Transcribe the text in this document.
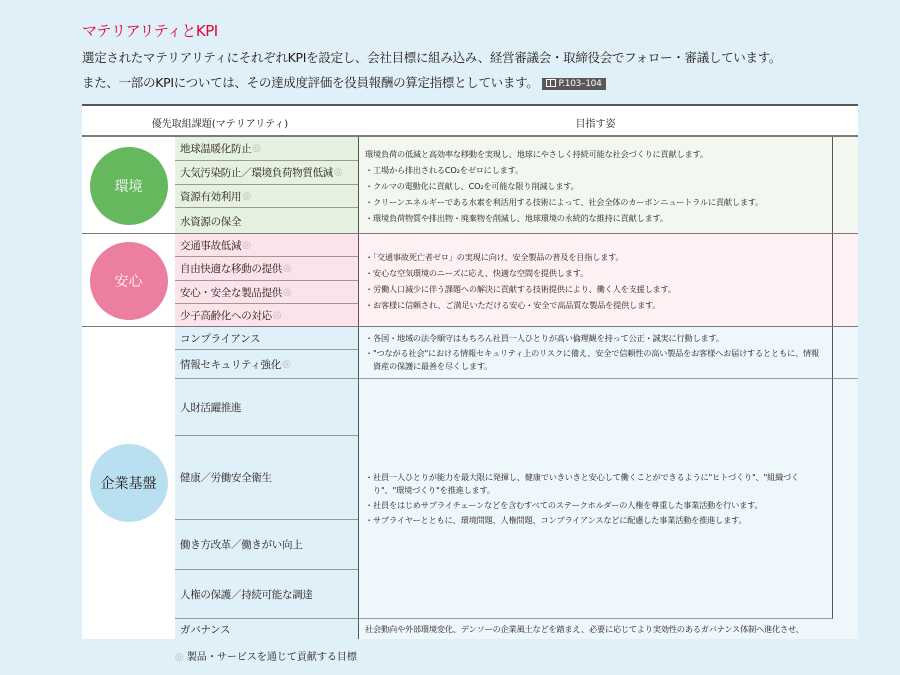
マテリアリティとKPI
選定されたマテリアリティにそれぞれKPIを設定し、会社目標に組み込み、経営審議会・取締役会でフォロー・審議しています。
また、一部のKPIについては、その達成度評価を役員報酬の算定指標としています。 P.103–104
優先取組課題(マテリアリティ)	目指す姿
環境
地球温暖化防止 ◎
大気汚染防止／環境負荷物質低減 ◎
資源有効利用 ◎
水資源の保全

環境負荷の低減と高効率な移動を実現し、地球にやさしく持続可能な社会づくりに貢献します。

・工場から排出されるCO₂をゼロにします。

・クルマの電動化に貢献し、CO₂を可能な限り削減します。

・クリーンエネルギーである水素を利活用する技術によって、社会全体のカーボンニュートラルに貢献します。

・環境負荷物質や排出物・廃棄物を削減し、地球環境の永続的な維持に貢献します。

安心
交通事故低減 ◎
自由快適な移動の提供 ◎
安心・安全な製品提供 ◎
少子高齢化への対応 ◎

・「交通事故死亡者ゼロ」の実現に向け、安全製品の普及を目指します。

・安心な空気環境のニーズに応え、快適な空間を提供します。

・労働人口減少に伴う課題への解決に貢献する技術提供により、働く人を支援します。

・お客様に信頼され、ご満足いただける安心・安全で高品質な製品を提供します。

企業基盤
コンプライアンス
情報セキュリティ強化 ◎
人財活躍推進
健康／労働安全衛生
働き方改革／働きがい向上
人権の保護／持続可能な調達
ガバナンス

・各国・地域の法令順守はもちろん社員一人ひとりが高い倫理観を持って公正・誠実に行動します。

・"つながる社会"における情報セキュリティ上のリスクに備え、安全で信頼性の高い製品をお客様へお届けするとともに、情報資産の保護に最善を尽くします。

・社員一人ひとりが能力を最大限に発揮し、健康でいきいきと安心して働くことができるように"ヒトづくり"、"組織づくり"、"環境づくり"を推進します。

・社員をはじめサプライチェーンなどを含むすべてのステークホルダーの人権を尊重した事業活動を行います。

・サプライヤーとともに、環境問題、人権問題、コンプライアンスなどに配慮した事業活動を推進します。

社会動向や外部環境変化、デンソーの企業風土などを踏まえ、必要に応じてより実効性のあるガバナンス体制へ進化させ、

◎ 製品・サービスを通じて貢献する目標
